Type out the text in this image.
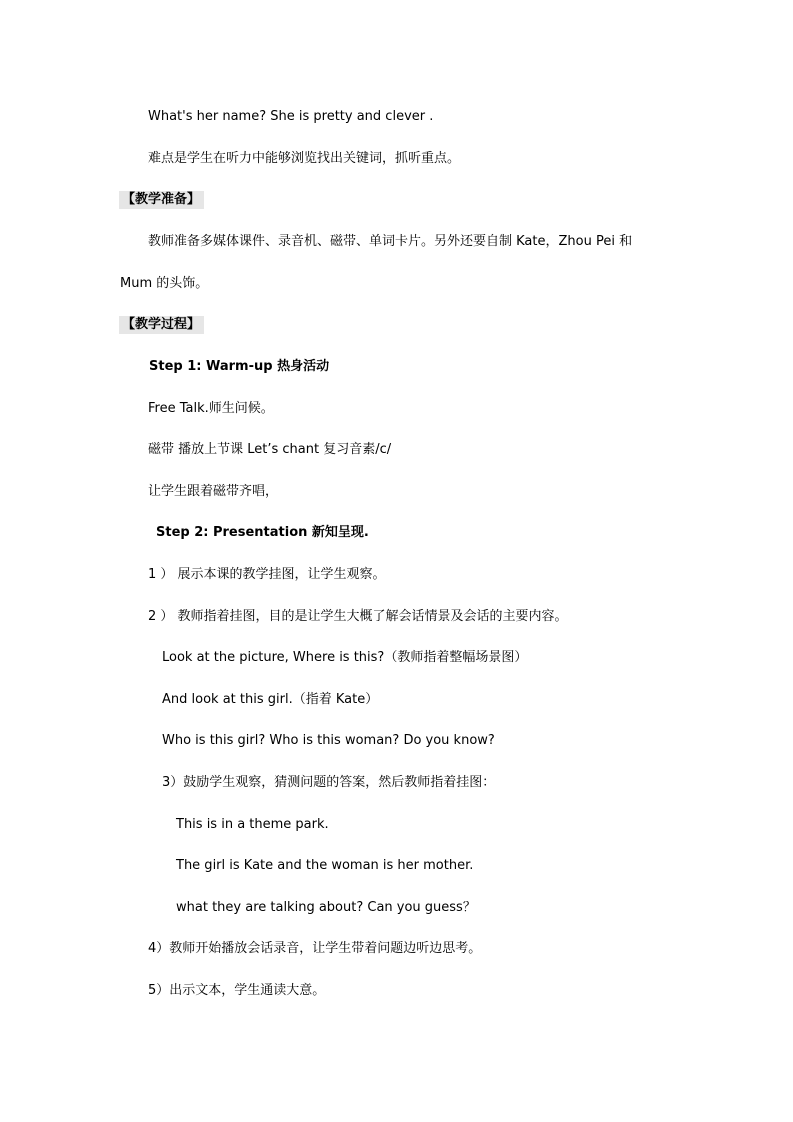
What's her name? She is pretty and clever .
难点是学生在听力中能够浏览找出关键词，抓听重点。
【教学准备】
教师准备多媒体课件、录音机、磁带、单词卡片。另外还要自制 Kate，Zhou Pei 和
Mum 的头饰。
【教学过程】
Step 1: Warm-up 热身活动
Free Talk.师生问候。
磁带 播放上节课 Let’s chant 复习音素/c/
让学生跟着磁带齐唱，
Step 2: Presentation 新知呈现.
1 ） 展示本课的教学挂图，让学生观察。
2 ） 教师指着挂图，目的是让学生大概了解会话情景及会话的主要内容。
Look at the picture, Where is this?（教师指着整幅场景图）
And look at this girl.（指着 Kate）
Who is this girl? Who is this woman? Do you know?
3）鼓励学生观察，猜测问题的答案，然后教师指着挂图：
This is in a theme park.
The girl is Kate and the woman is her mother.
what they are talking about? Can you guess？
4）教师开始播放会话录音，让学生带着问题边听边思考。
5）出示文本，学生通读大意。
